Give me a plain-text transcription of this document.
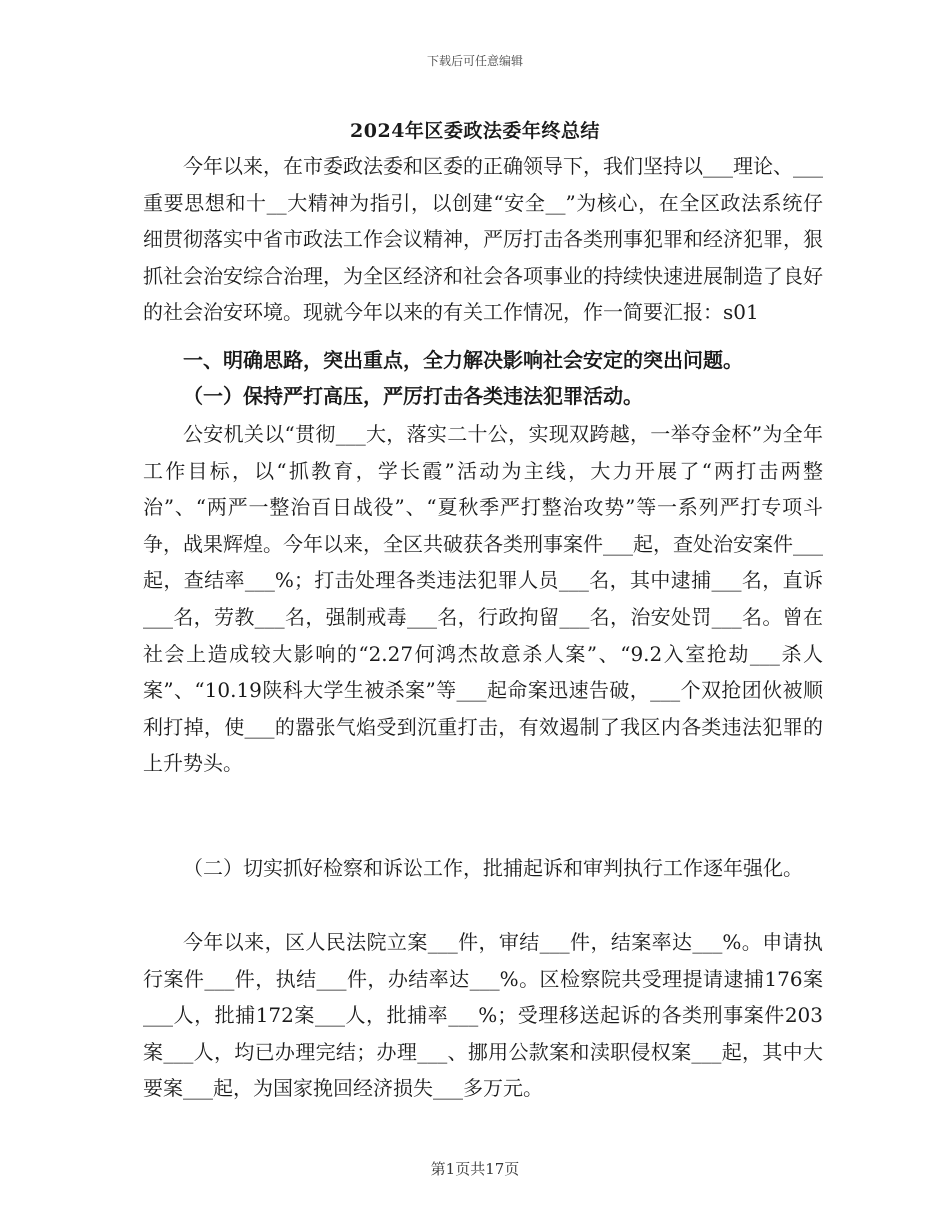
下载后可任意编辑
2024年区委政法委年终总结
今年以来，在市委政法委和区委的正确领导下，我们坚持以___理论、___重要思想和十__大精神为指引，以创建“安全__”为核心，在全区政法系统仔细贯彻落实中省市政法工作会议精神，严厉打击各类刑事犯罪和经济犯罪，狠抓社会治安综合治理，为全区经济和社会各项事业的持续快速进展制造了良好的社会治安环境。现就今年以来的有关工作情况，作一简要汇报：s01
一、明确思路，突出重点，全力解决影响社会安定的突出问题。
（一）保持严打高压，严厉打击各类违法犯罪活动。
公安机关以“贯彻___大，落实二十公，实现双跨越，一举夺金杯”为全年工作目标，以“抓教育，学长霞”活动为主线，大力开展了“两打击两整治”、“两严一整治百日战役”、“夏秋季严打整治攻势”等一系列严打专项斗争，战果辉煌。今年以来，全区共破获各类刑事案件___起，查处治安案件___起，查结率___%；打击处理各类违法犯罪人员___名，其中逮捕___名，直诉___名，劳教___名，强制戒毒___名，行政拘留___名，治安处罚___名。曾在社会上造成较大影响的“2.27何鸿杰故意杀人案”、“9.2入室抢劫___杀人案”、“10.19陕科大学生被杀案”等___起命案迅速告破，___个双抢团伙被顺利打掉，使___的嚣张气焰受到沉重打击，有效遏制了我区内各类违法犯罪的上升势头。
（二）切实抓好检察和诉讼工作，批捕起诉和审判执行工作逐年强化。
今年以来，区人民法院立案___件，审结___件，结案率达___%。申请执行案件___件，执结___件，办结率达___%。区检察院共受理提请逮捕176案___人，批捕172案___人，批捕率___%；受理移送起诉的各类刑事案件203案___人，均已办理完结；办理___、挪用公款案和渎职侵权案___起，其中大要案___起，为国家挽回经济损失___多万元。
第1页共17页
